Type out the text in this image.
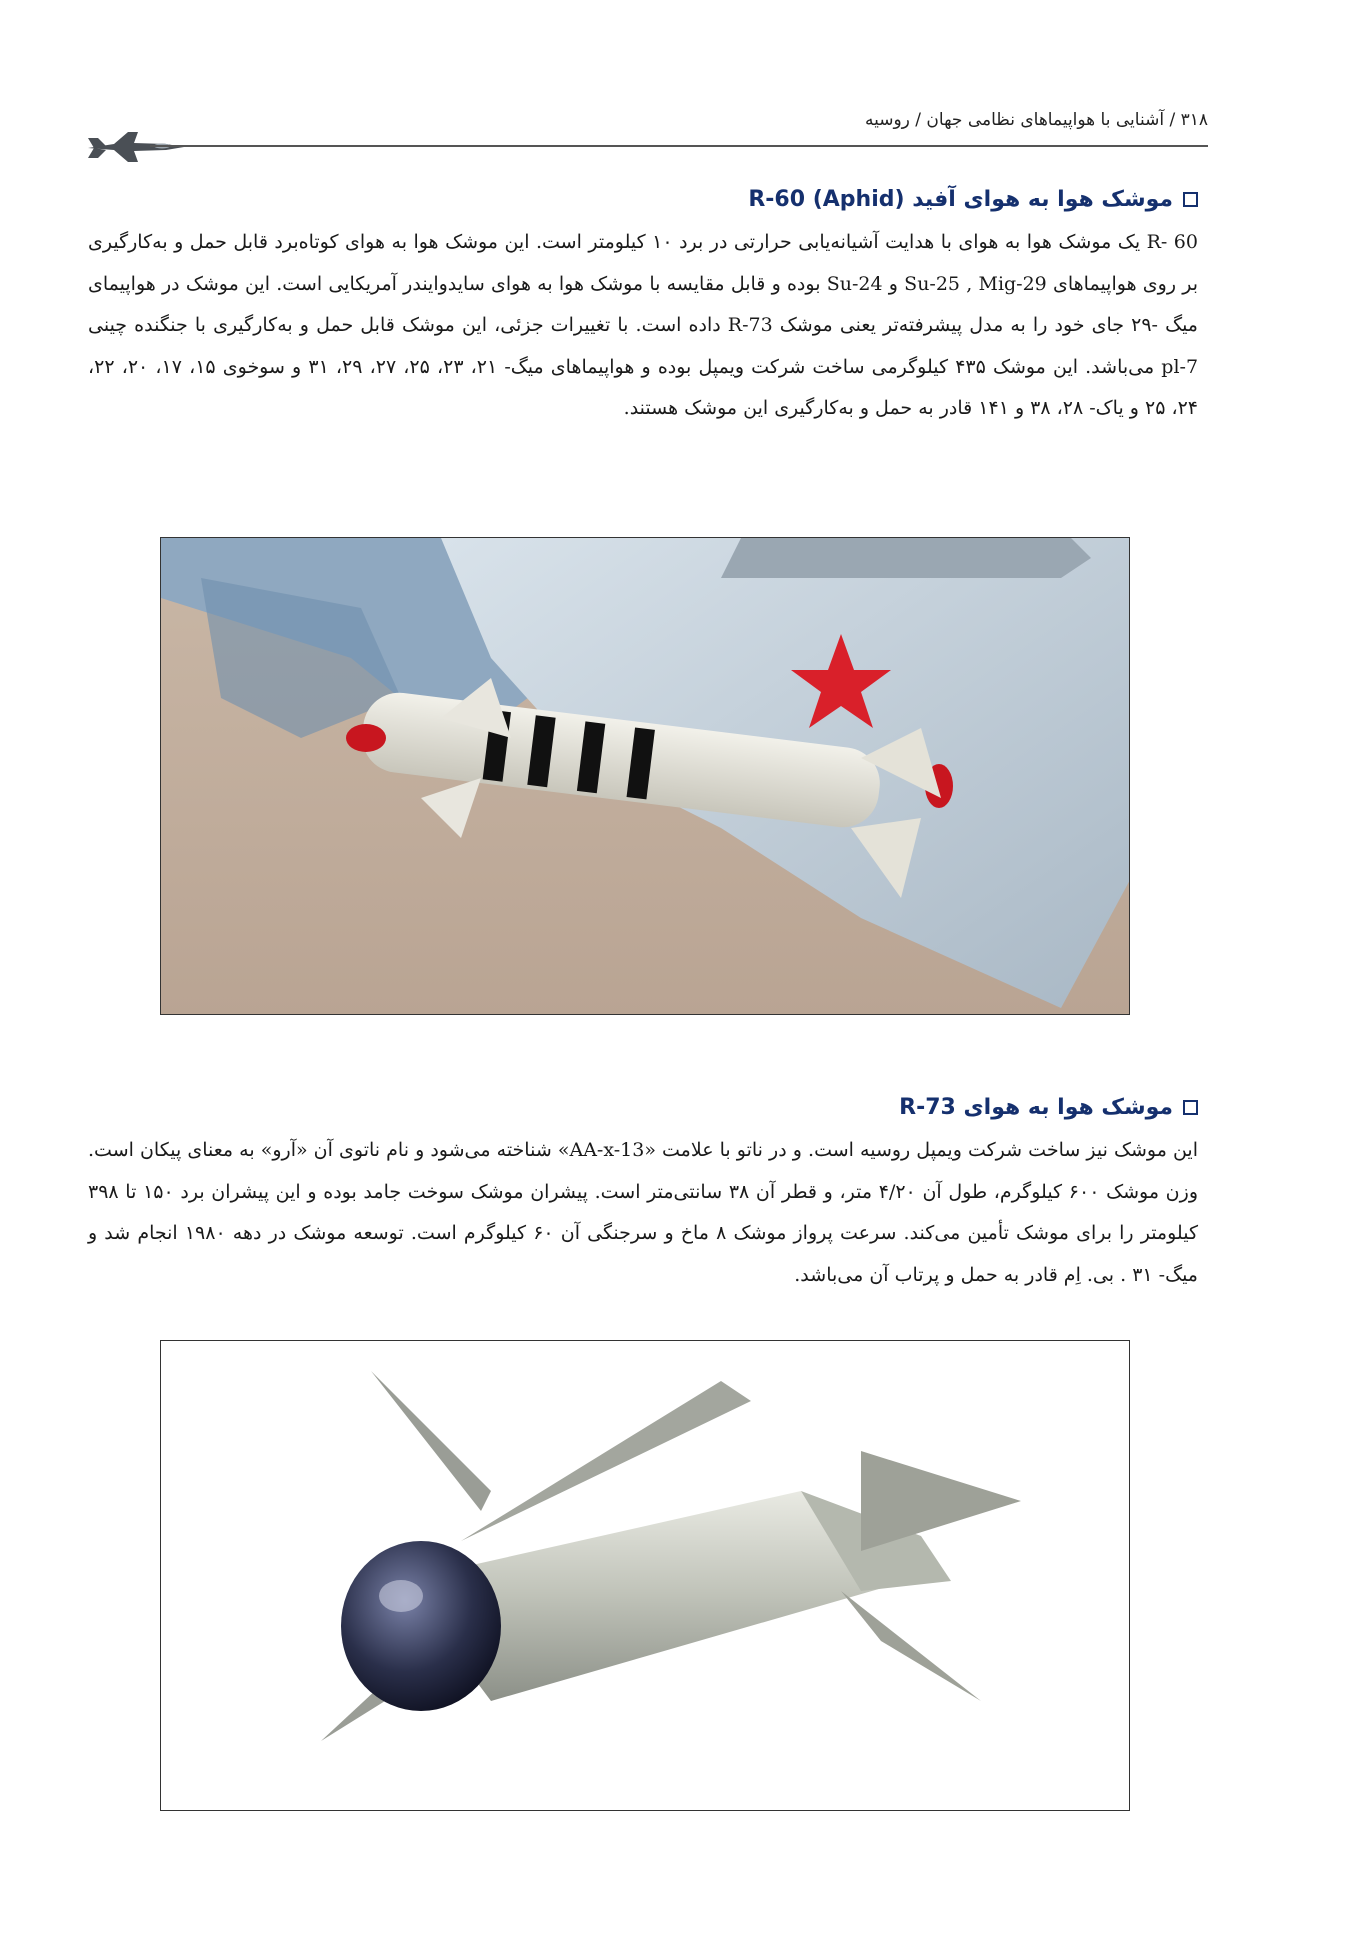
۳۱۸ / آشنایی با هواپیماهای نظامی جهان / روسیه
موشک هوا به هوای آفید R-60 (Aphid)

R- 60 یک موشک هوا به هوای با هدایت آشیانه‌یابی حرارتی در برد ۱۰ کیلومتر است. این موشک هوا به هوای کوتاه‌برد قابل حمل و به‌کارگیری بر روی هواپیماهای Su-25 , Mig-29 و Su-24 بوده و قابل مقایسه با موشک هوا به هوای سایدوایندر آمریکایی است. این موشک در هواپیمای میگ -۲۹ جای خود را به مدل پیشرفته‌تر یعنی موشک R-73 داده است. با تغییرات جزئی، این موشک قابل حمل و به‌کارگیری با جنگنده چینی pl-7 می‌باشد. این موشک ۴۳۵ کیلوگرمی ساخت شرکت ویمپل بوده و هواپیماهای میگ- ۲۱، ۲۳، ۲۵، ۲۷، ۲۹، ۳۱ و سوخوی ۱۵، ۱۷، ۲۰، ۲۲، ۲۴، ۲۵ و یاک- ۲۸، ۳۸ و ۱۴۱ قادر به حمل و به‌کارگیری این موشک هستند.

موشک هوا به هوای R-73

این موشک نیز ساخت شرکت ویمپل روسیه است. و در ناتو با علامت «AA-x-13» شناخته می‌شود و نام ناتوی آن «آرو» به معنای پیکان است. وزن موشک ۶۰۰ کیلوگرم، طول آن ۴/۲۰ متر، و قطر آن ۳۸ سانتی‌متر است. پیشران موشک سوخت جامد بوده و این پیشران برد ۱۵۰ تا ۳۹۸ کیلومتر را برای موشک تأمین می‌کند. سرعت پرواز موشک ۸ ماخ و سرجنگی آن ۶۰ کیلوگرم است. توسعه موشک در دهه ۱۹۸۰ انجام شد و میگ- ۳۱ . بی. اِم قادر به حمل و پرتاب آن می‌باشد.
